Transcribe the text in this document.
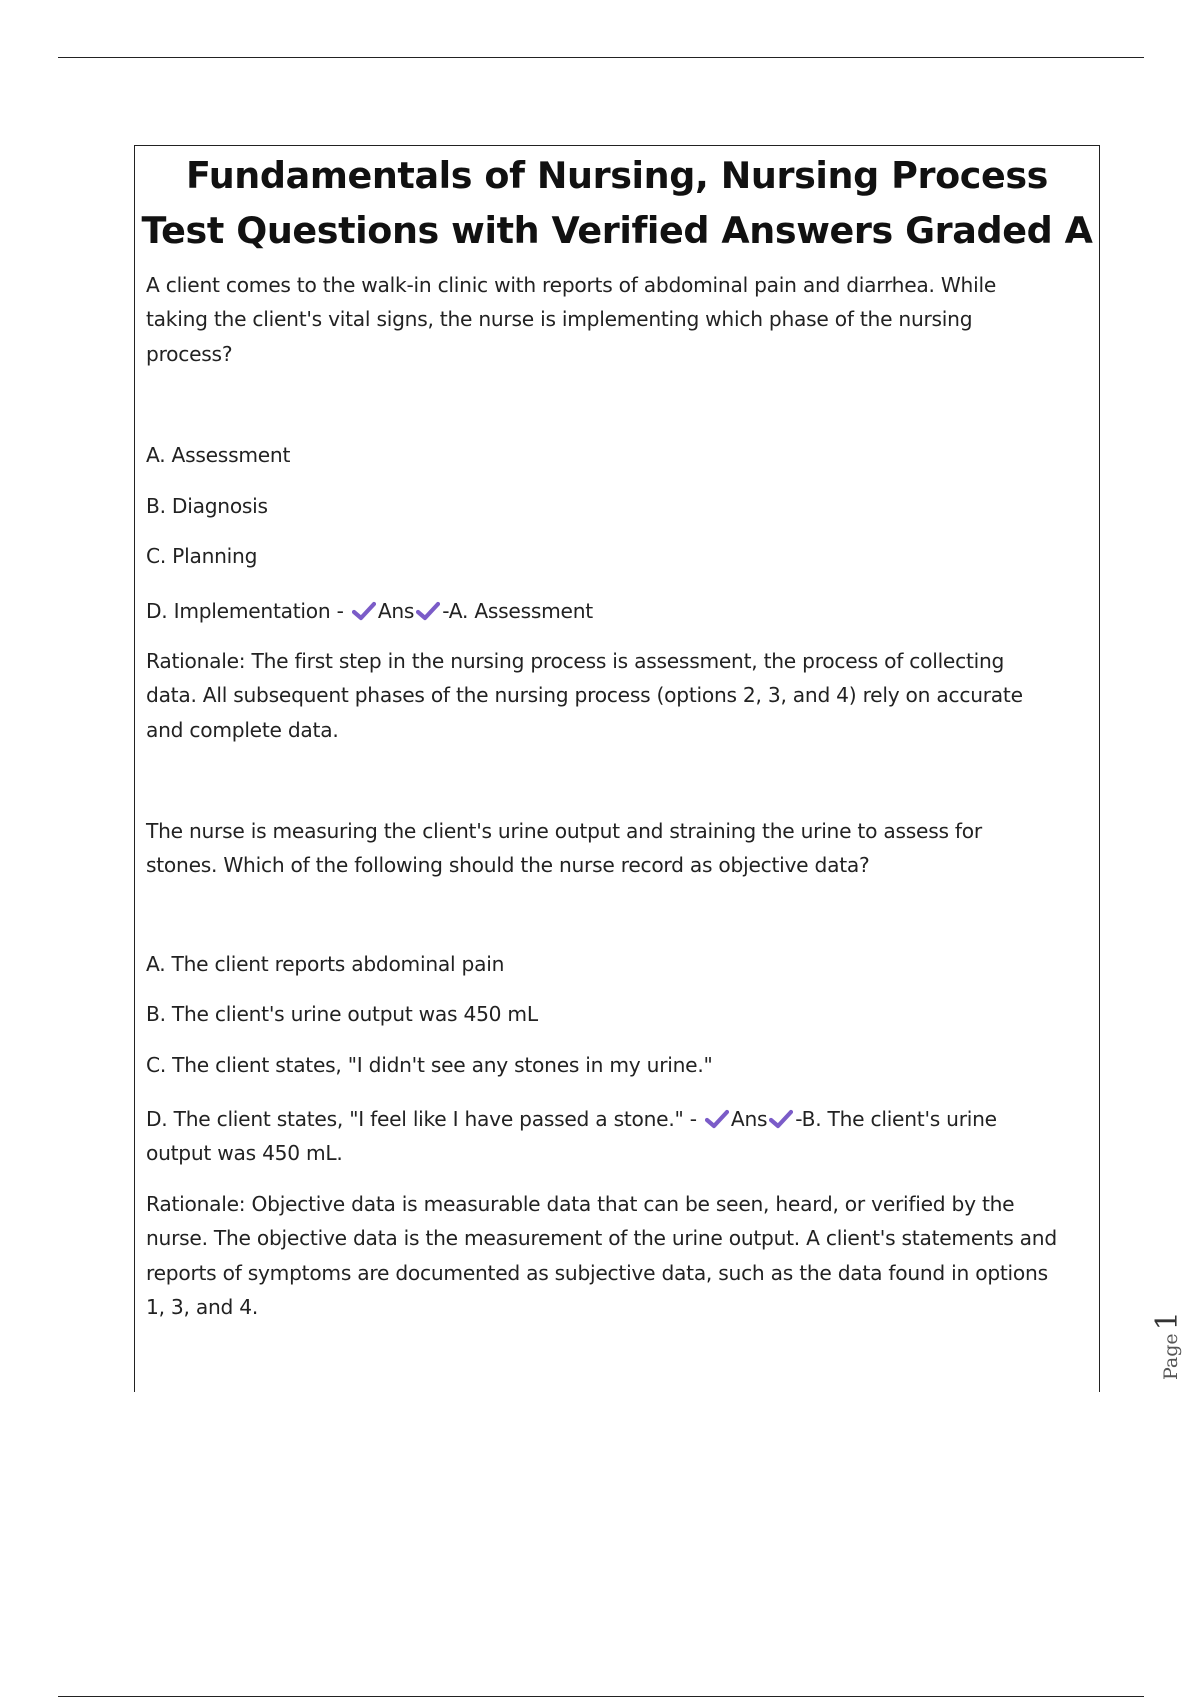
Fundamentals of Nursing, Nursing Process
Test Questions with Verified Answers Graded A

A client comes to the walk-in clinic with reports of abdominal pain and diarrhea. While
taking the client's vital signs, the nurse is implementing which phase of the nursing
process?

A. Assessment

B. Diagnosis

C. Planning

D. Implementation - Ans -A. Assessment

Rationale: The first step in the nursing process is assessment, the process of collecting
data. All subsequent phases of the nursing process (options 2, 3, and 4) rely on accurate
and complete data.

The nurse is measuring the client's urine output and straining the urine to assess for
stones. Which of the following should the nurse record as objective data?

A. The client reports abdominal pain

B. The client's urine output was 450 mL

C. The client states, "I didn't see any stones in my urine."

D. The client states, "I feel like I have passed a stone." - Ans -B. The client's urine
output was 450 mL.

Rationale: Objective data is measurable data that can be seen, heard, or verified by the
nurse. The objective data is the measurement of the urine output. A client's statements and
reports of symptoms are documented as subjective data, such as the data found in options
1, 3, and 4.

Page1
